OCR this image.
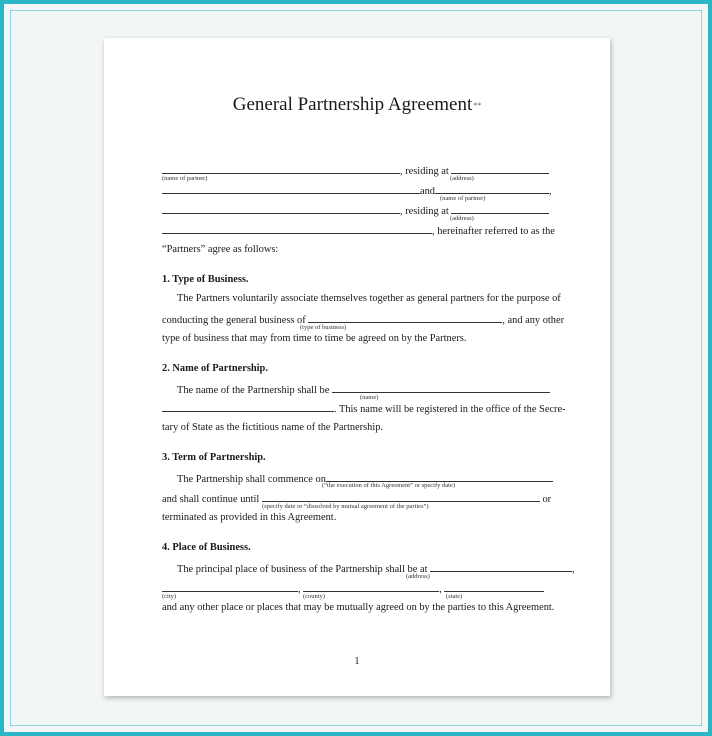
General Partnership Agreement**
, residing at
(name of partner)	(address)
and	,
(name of partner)
, residing at
(address)
, hereinafter referred to as the
“Partners” agree as follows:
1. Type of Business.
The Partners voluntarily associate themselves together as general partners for the purpose of
conducting the general business of	, and any other
(type of business)
type of business that may from time to time be agreed on by the Partners.
2. Name of Partnership.
The name of the Partnership shall be
(name)
. This name will be registered in the office of the Secre-
tary of State as the fictitious name of the Partnership.
3. Term of Partnership.
The Partnership shall commence on
(“the execution of this Agreement” or specify date)
and shall continue until	or
(specify date or “dissolved by mutual agreement of the parties”)
terminated as provided in this Agreement.
4. Place of Business.
The principal place of business of the Partnership shall be at	,
(address)
,	,
(city)	(county)	(state)
and any other place or places that may be mutually agreed on by the parties to this Agreement.
1
